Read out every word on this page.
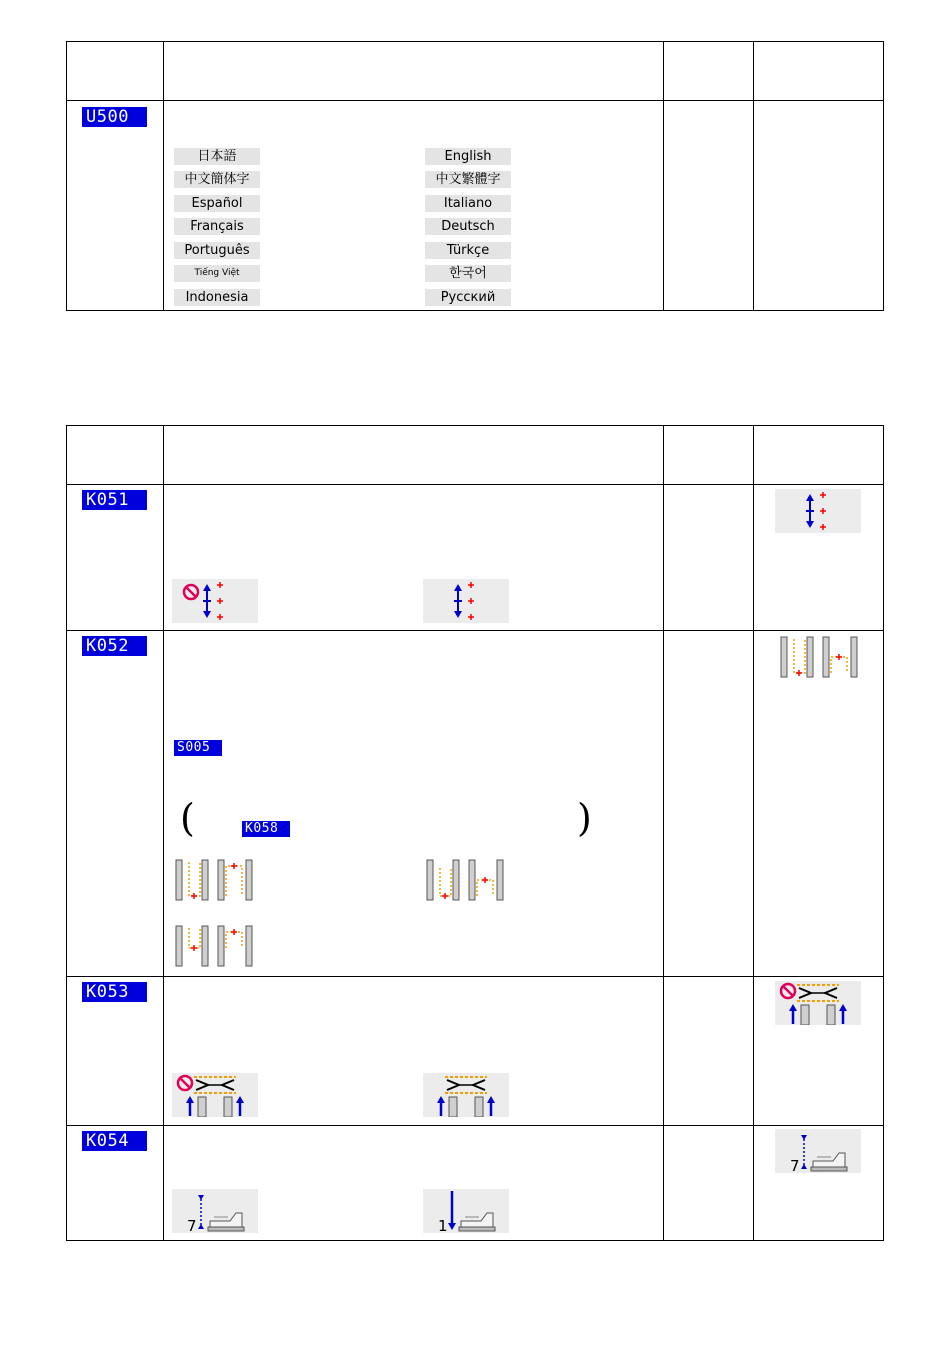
U500
日本語	English
中文簡体字	中文繁體字
Español	Italiano
Français	Deutsch
Português	Türkçe
Tiếng Việt	한국어
Indonesia	Русский
K051
K052
S005
(	K058	)
K053
K054
7	1
7
